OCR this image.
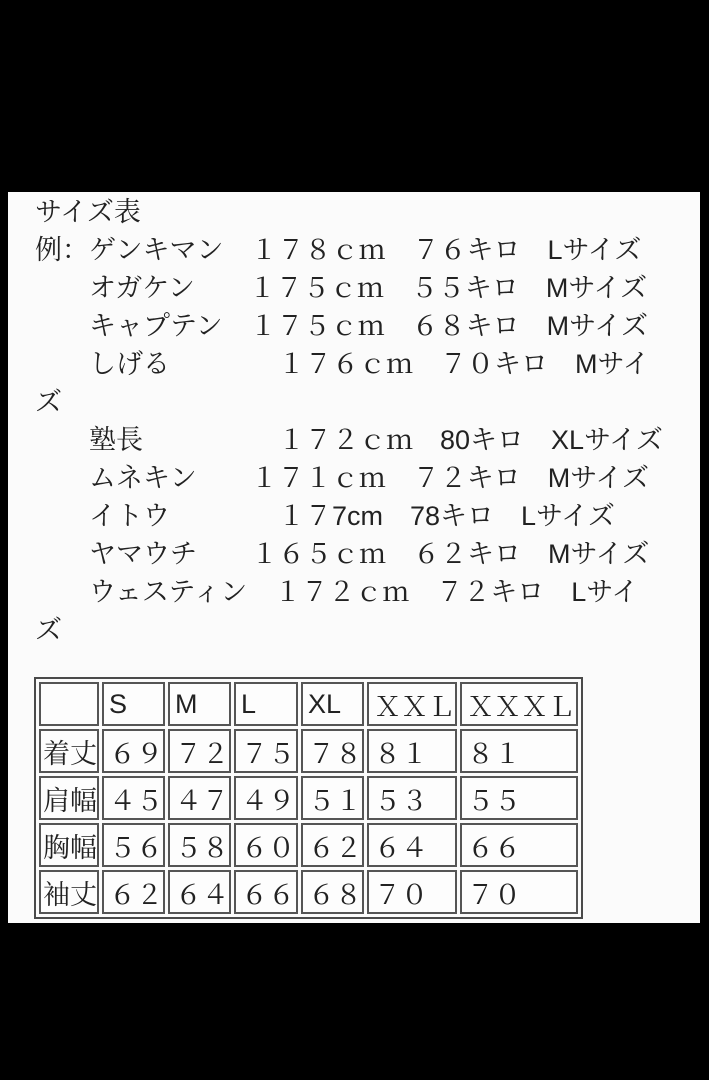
サイズ表
例：ゲンキマン　１７８ｃｍ　７６キロ　Lサイズ
　　オガケン　　１７５ｃｍ　５５キロ　Mサイズ
　　キャプテン　１７５ｃｍ　６８キロ　Mサイズ
　　しげる　　　　１７６ｃｍ　７０キロ　Mサイ
ズ
　　塾長　　　　　１７２ｃｍ　80キロ　XLサイズ
　　ムネキン　　１７１ｃｍ　７２キロ　Mサイズ
　　イトウ　　　　１７7cm　78キロ　Lサイズ
　　ヤマウチ　　１６５ｃｍ　６２キロ　Mサイズ
　　ウェスティン　１７２ｃｍ　７２キロ　Lサイ
ズ
	S	M	L	XL	ＸＸＬ	ＸＸＸＬ
着丈	６９	７２	７５	７８	８１	８１
肩幅	４５	４７	４９	５１	５３	５５
胸幅	５６	５８	６０	６２	６４	６６
袖丈	６２	６４	６６	６８	７０	７０
